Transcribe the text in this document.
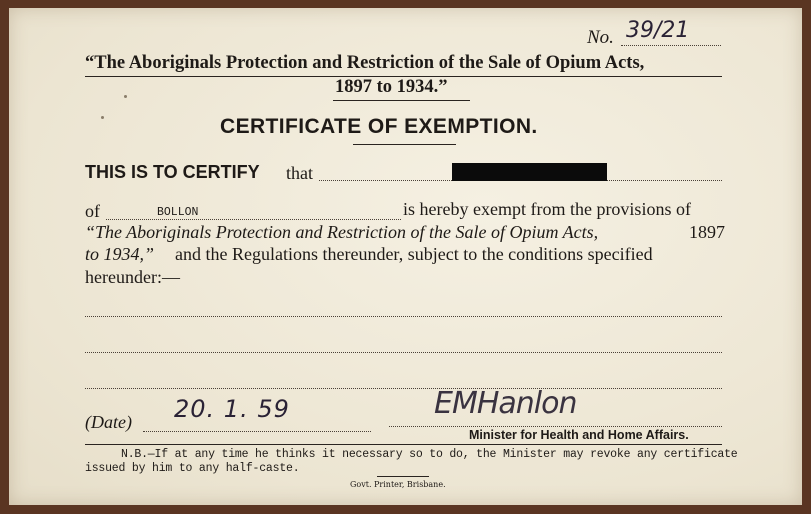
No. 39/21
“The Aboriginals Protection and Restriction of the Sale of Opium Acts,
1897 to 1934.”
CERTIFICATE OF EXEMPTION.
THIS IS TO CERTIFY that
of	BOLLON	is hereby exempt from the provisions of
“The Aboriginals Protection and Restriction of the Sale of Opium Acts,	1897
to 1934,” and the Regulations thereunder, subject to the conditions specified
hereunder:—
(Date) 20. 1. 59	EMHanlon
Minister for Health and Home Affairs.
N.B.—If at any time he thinks it necessary so to do, the Minister may revoke any certificate
issued by him to any half-caste.
Govt. Printer, Brisbane.
